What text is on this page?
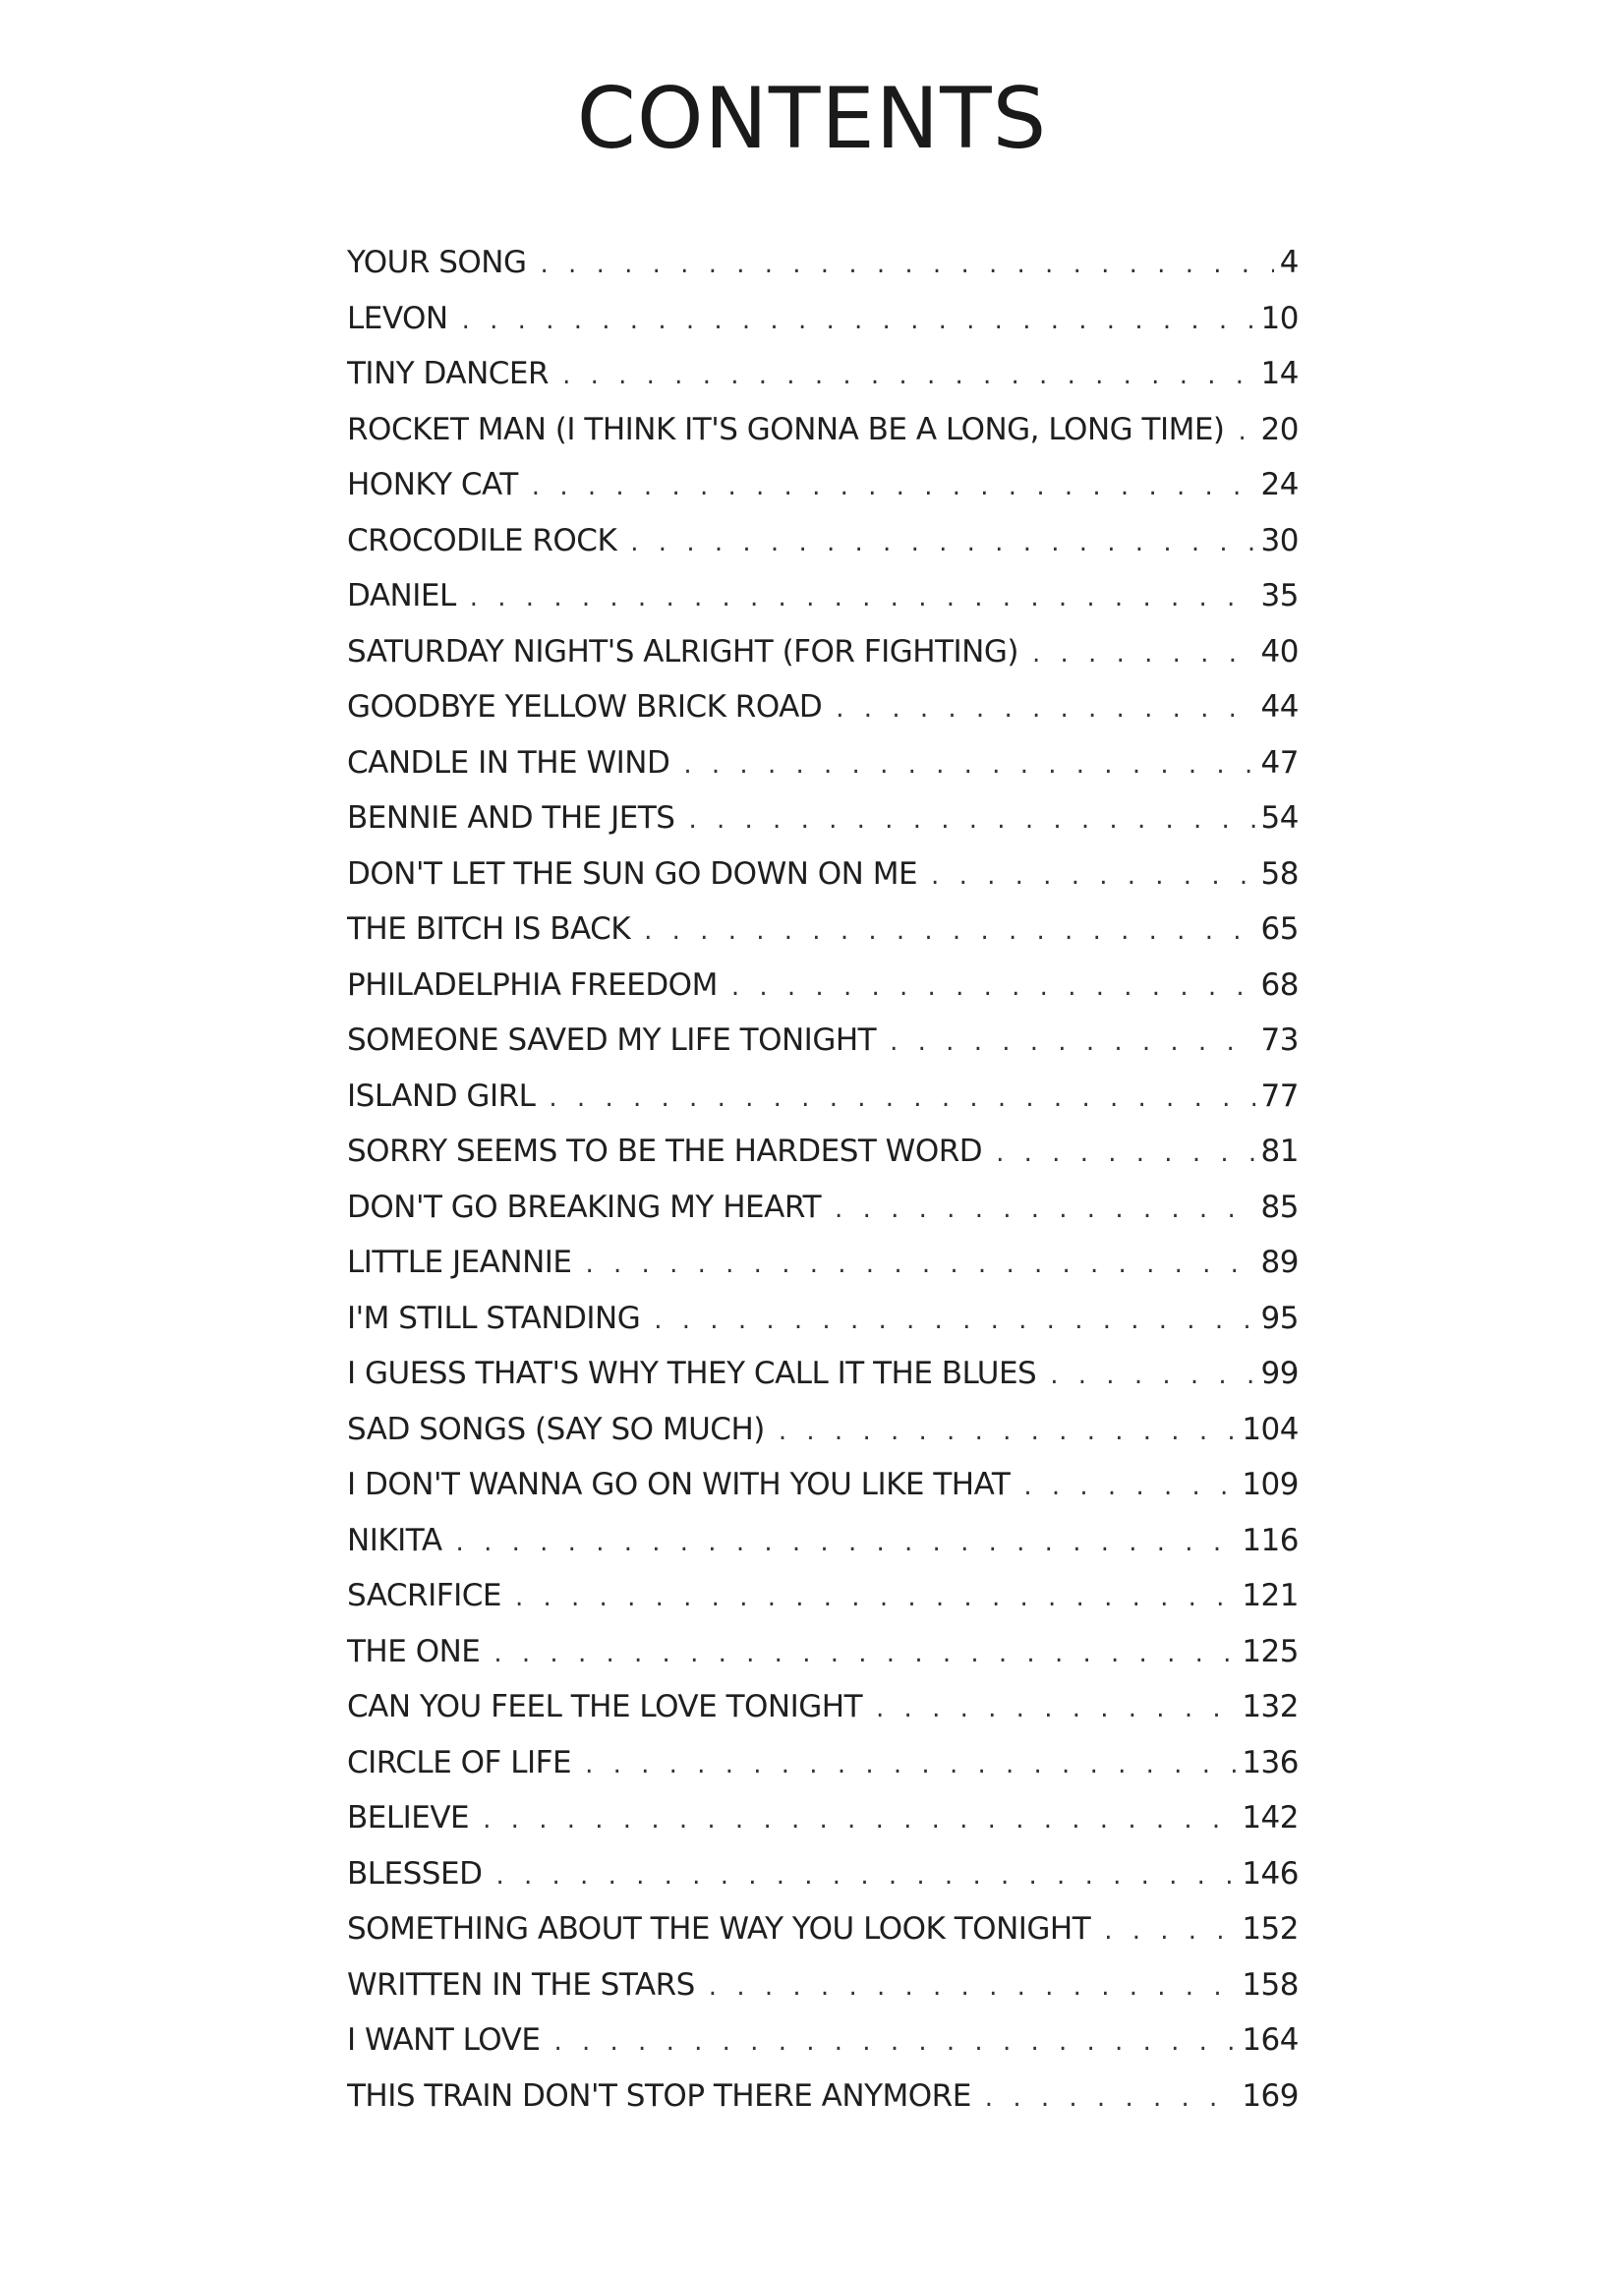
CONTENTS
YOUR SONG . . .	4
LEVON . . .	10
TINY DANCER . . .	14
ROCKET MAN (I THINK IT'S GONNA BE A LONG, LONG TIME) . . . 20
HONKY CAT . . .	24
CROCODILE ROCK . . .	30
DANIEL . . .	35
SATURDAY NIGHT'S ALRIGHT (FOR FIGHTING) . . .	40
GOODBYE YELLOW BRICK ROAD . . .	44
CANDLE IN THE WIND . . .	47
BENNIE AND THE JETS . . .	54
DON'T LET THE SUN GO DOWN ON ME . . .	58
THE BITCH IS BACK . . .	65
PHILADELPHIA FREEDOM . . .	68
SOMEONE SAVED MY LIFE TONIGHT . . .	73
ISLAND GIRL . . .	77
SORRY SEEMS TO BE THE HARDEST WORD . . .	81
DON'T GO BREAKING MY HEART . . .	85
LITTLE JEANNIE . . .	89
I'M STILL STANDING . . .	95
I GUESS THAT'S WHY THEY CALL IT THE BLUES . . .	99
SAD SONGS (SAY SO MUCH) . . .	104
I DON'T WANNA GO ON WITH YOU LIKE THAT . . .	109
NIKITA . . .	116
SACRIFICE . . .	121
THE ONE . . .	125
CAN YOU FEEL THE LOVE TONIGHT . . .	132
CIRCLE OF LIFE . . .	136
BELIEVE . . .	142
BLESSED . . .	146
SOMETHING ABOUT THE WAY YOU LOOK TONIGHT . . .	152
WRITTEN IN THE STARS . . .	158
I WANT LOVE . . .	164
THIS TRAIN DON'T STOP THERE ANYMORE . . .	169
